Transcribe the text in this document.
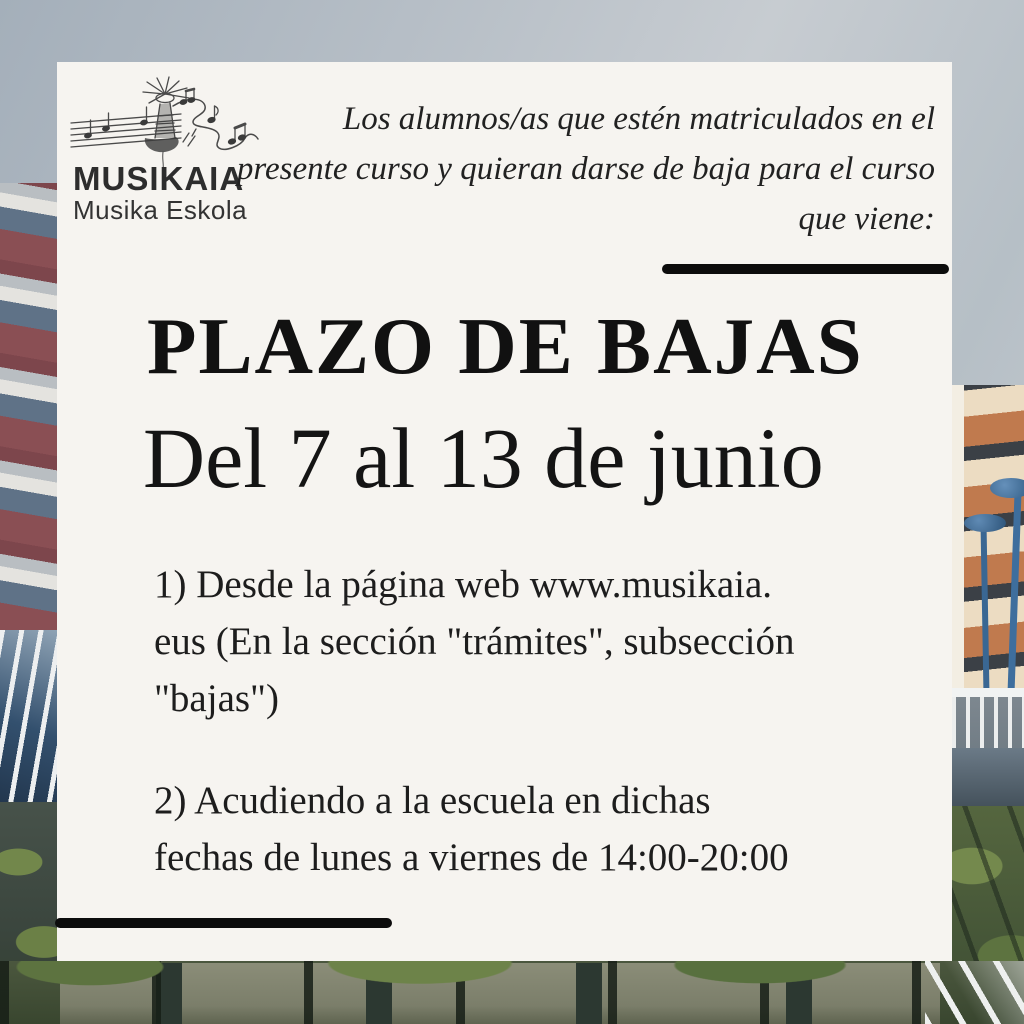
MUSIKAIA
Musika Eskola
Los alumnos/as que estén matriculados en el
presente curso y quieran darse de baja para el curso
que viene:
PLAZO DE BAJAS
Del 7 al 13 de junio
1) Desde la página web www.musikaia.
eus (En la sección "trámites", subsección
"bajas")
2) Acudiendo a la escuela en dichas
fechas de lunes a viernes de 14:00-20:00
